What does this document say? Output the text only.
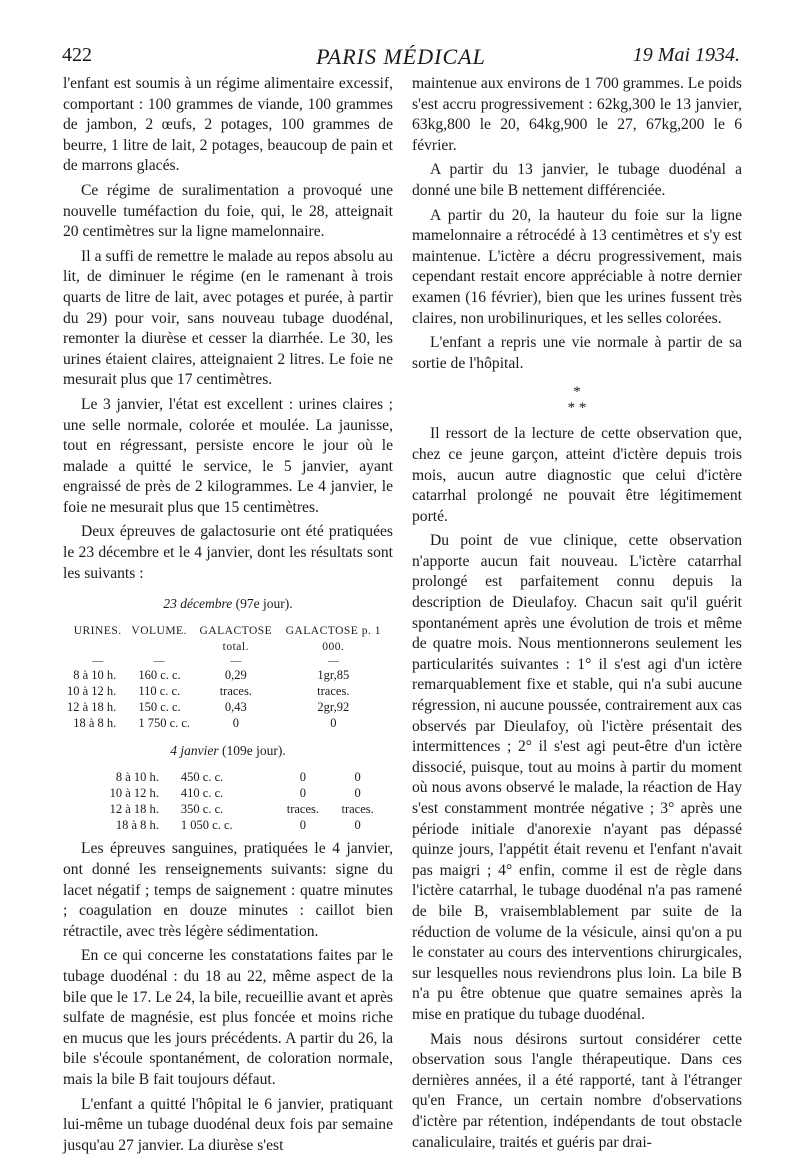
422	PARIS MÉDICAL	19 Mai 1934.

l'enfant est soumis à un régime alimentaire excessif, comportant : 100 grammes de viande, 100 grammes de jambon, 2 œufs, 2 potages, 100 grammes de beurre, 1 litre de lait, 2 potages, beaucoup de pain et de marrons glacés.

Ce régime de suralimentation a provoqué une nouvelle tuméfaction du foie, qui, le 28, atteignait 20 centimètres sur la ligne mamelonnaire.

Il a suffi de remettre le malade au repos absolu au lit, de diminuer le régime (en le ramenant à trois quarts de litre de lait, avec potages et purée, à partir du 29) pour voir, sans nouveau tubage duodénal, remonter la diurèse et cesser la diarrhée. Le 30, les urines étaient claires, atteignaient 2 litres. Le foie ne mesurait plus que 17 centimètres.

Le 3 janvier, l'état est excellent : urines claires ; une selle normale, colorée et moulée. La jaunisse, tout en régressant, persiste encore le jour où le malade a quitté le service, le 5 janvier, ayant engraissé de près de 2 kilogrammes. Le 4 janvier, le foie ne mesurait plus que 15 centimètres.

Deux épreuves de galactosurie ont été pratiquées le 23 décembre et le 4 janvier, dont les résultats sont les suivants :

23 décembre (97e jour).
URINES.	VOLUME.	GALACTOSE total.	GALACTOSE p. 1 000.
—	—	—	—
8 à 10 h.	160 c. c.	0,29	1gr,85
10 à 12 h.	110 c. c.	traces.	traces.
12 à 18 h.	150 c. c.	0,43	2gr,92
18 à 8 h.	1 750 c. c.	0	0
4 janvier (109e jour).
8 à 10 h.	450 c. c.	0	0
10 à 12 h.	410 c. c.	0	0
12 à 18 h.	350 c. c.	traces.	traces.
18 à 8 h.	1 050 c. c.	0	0

Les épreuves sanguines, pratiquées le 4 janvier, ont donné les renseignements suivants: signe du lacet négatif ; temps de saignement : quatre minutes ; coagulation en douze minutes : caillot bien rétractile, avec très légère sédimentation.

En ce qui concerne les constatations faites par le tubage duodénal : du 18 au 22, même aspect de la bile que le 17. Le 24, la bile, recueillie avant et après sulfate de magnésie, est plus foncée et moins riche en mucus que les jours précédents. A partir du 26, la bile s'écoule spontanément, de coloration normale, mais la bile B fait toujours défaut.

L'enfant a quitté l'hôpital le 6 janvier, pratiquant lui-même un tubage duodénal deux fois par semaine jusqu'au 27 janvier. La diurèse s'est

maintenue aux environs de 1 700 grammes. Le poids s'est accru progressivement : 62kg,300 le 13 janvier, 63kg,800 le 20, 64kg,900 le 27, 67kg,200 le 6 février.

A partir du 13 janvier, le tubage duodénal a donné une bile B nettement différenciée.

A partir du 20, la hauteur du foie sur la ligne mamelonnaire a rétrocédé à 13 centimètres et s'y est maintenue. L'ictère a décru progressivement, mais cependant restait encore appréciable à notre dernier examen (16 février), bien que les urines fussent très claires, non urobilinuriques, et les selles colorées.

L'enfant a repris une vie normale à partir de sa sortie de l'hôpital.

*
* *

Il ressort de la lecture de cette observation que, chez ce jeune garçon, atteint d'ictère depuis trois mois, aucun autre diagnostic que celui d'ictère catarrhal prolongé ne pouvait être légitimement porté.

Du point de vue clinique, cette observation n'apporte aucun fait nouveau. L'ictère catarrhal prolongé est parfaitement connu depuis la description de Dieulafoy. Chacun sait qu'il guérit spontanément après une évolution de trois et même de quatre mois. Nous mentionnerons seulement les particularités suivantes : 1° il s'est agi d'un ictère remarquablement fixe et stable, qui n'a subi aucune régression, ni aucune poussée, contrairement aux cas observés par Dieulafoy, où l'ictère présentait des intermittences ; 2° il s'est agi peut-être d'un ictère dissocié, puisque, tout au moins à partir du moment où nous avons observé le malade, la réaction de Hay s'est constamment montrée négative ; 3° après une période initiale d'anorexie n'ayant pas dépassé quinze jours, l'appétit était revenu et l'enfant n'avait pas maigri ; 4° enfin, comme il est de règle dans l'ictère catarrhal, le tubage duodénal n'a pas ramené de bile B, vraisemblablement par suite de la réduction de volume de la vésicule, ainsi qu'on a pu le constater au cours des interventions chirurgicales, sur lesquelles nous reviendrons plus loin. La bile B n'a pu être obtenue que quatre semaines après la mise en pratique du tubage duodénal.

Mais nous désirons surtout considérer cette observation sous l'angle thérapeutique. Dans ces dernières années, il a été rapporté, tant à l'étranger qu'en France, un certain nombre d'observations d'ictère par rétention, indépendants de tout obstacle canaliculaire, traités et guéris par drai-
